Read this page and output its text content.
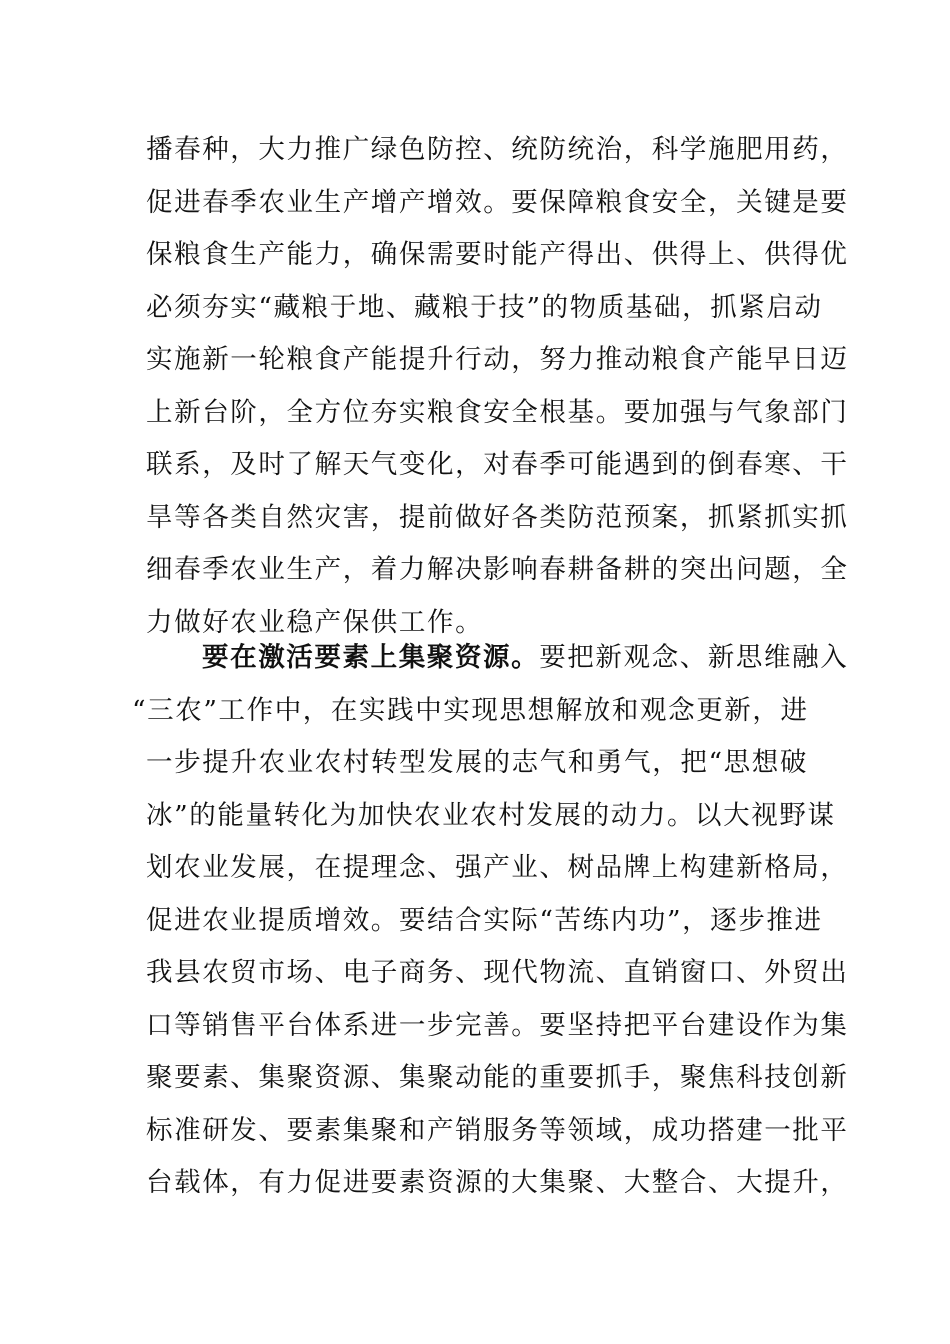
播春种，大力推广绿色防控、统防统治，科学施肥用药，
促进春季农业生产增产增效。要保障粮食安全，关键是要
保粮食生产能力，确保需要时能产得出、供得上、供得优
必须夯实“藏粮于地、藏粮于技”的物质基础，抓紧启动
实施新一轮粮食产能提升行动，努力推动粮食产能早日迈
上新台阶，全方位夯实粮食安全根基。要加强与气象部门
联系，及时了解天气变化，对春季可能遇到的倒春寒、干
旱等各类自然灾害，提前做好各类防范预案，抓紧抓实抓
细春季农业生产，着力解决影响春耕备耕的突出问题，全
力做好农业稳产保供工作。
要在激活要素上集聚资源。要把新观念、新思维融入
“三农”工作中，在实践中实现思想解放和观念更新，进
一步提升农业农村转型发展的志气和勇气，把“思想破
冰”的能量转化为加快农业农村发展的动力。以大视野谋
划农业发展，在提理念、强产业、树品牌上构建新格局，
促进农业提质增效。要结合实际“苦练内功”，逐步推进
我县农贸市场、电子商务、现代物流、直销窗口、外贸出
口等销售平台体系进一步完善。要坚持把平台建设作为集
聚要素、集聚资源、集聚动能的重要抓手，聚焦科技创新
标准研发、要素集聚和产销服务等领域，成功搭建一批平
台载体，有力促进要素资源的大集聚、大整合、大提升，
